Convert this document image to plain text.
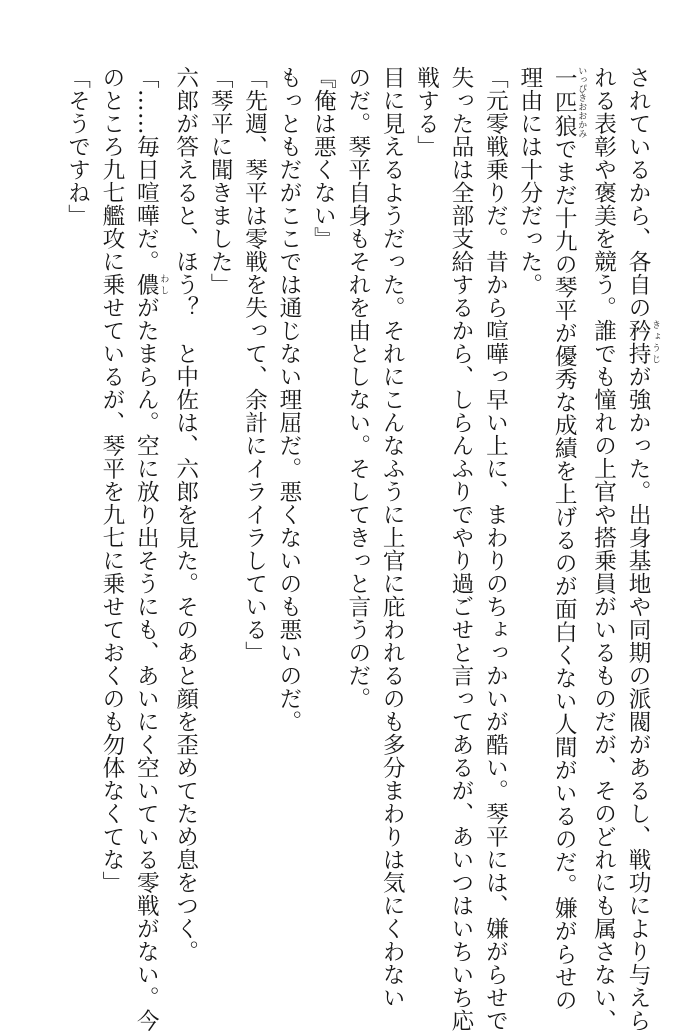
されているから、各自の矜持 きょうじが強かった。出身基地や同期の派閥があるし、戦功により与えら
れる表彰や褒美を競う。誰でも憧れの上官や搭乗員がいるものだが、そのどれにも属さない、
一匹狼 いっぴきおおかみでまだ十九の琴平が優秀な成績を上げるのが面白くない人間がいるのだ。嫌がらせの
理由には十分だった。
「元零戦乗りだ。昔から喧嘩っ早い上に、まわりのちょっかいが酷い。琴平には、嫌がらせで
失った品は全部支給するから、しらんふりでやり過ごせと言ってあるが、あいつはいちいち応
戦する」
目に見えるようだった。それにこんなふうに上官に庇われるのも多分まわりは気にくわない
のだ。琴平自身もそれを由としない。そしてきっと言うのだ。
『俺は悪くない』
もっともだがここでは通じない理屈だ。悪くないのも悪いのだ。
「先週、琴平は零戦を失って、余計にイライラしている」
「琴平に聞きました」
六郎が答えると、ほう？　と中佐は、六郎を見た。そのあと顔を歪めてため息をつく。
「……毎日喧嘩だ。儂 わしがたまらん。空に放り出そうにも、あいにく空いている零戦がない。今
のところ九七艦攻に乗せているが、琴平を九七に乗せておくのも勿体なくてな」
「そうですね」
